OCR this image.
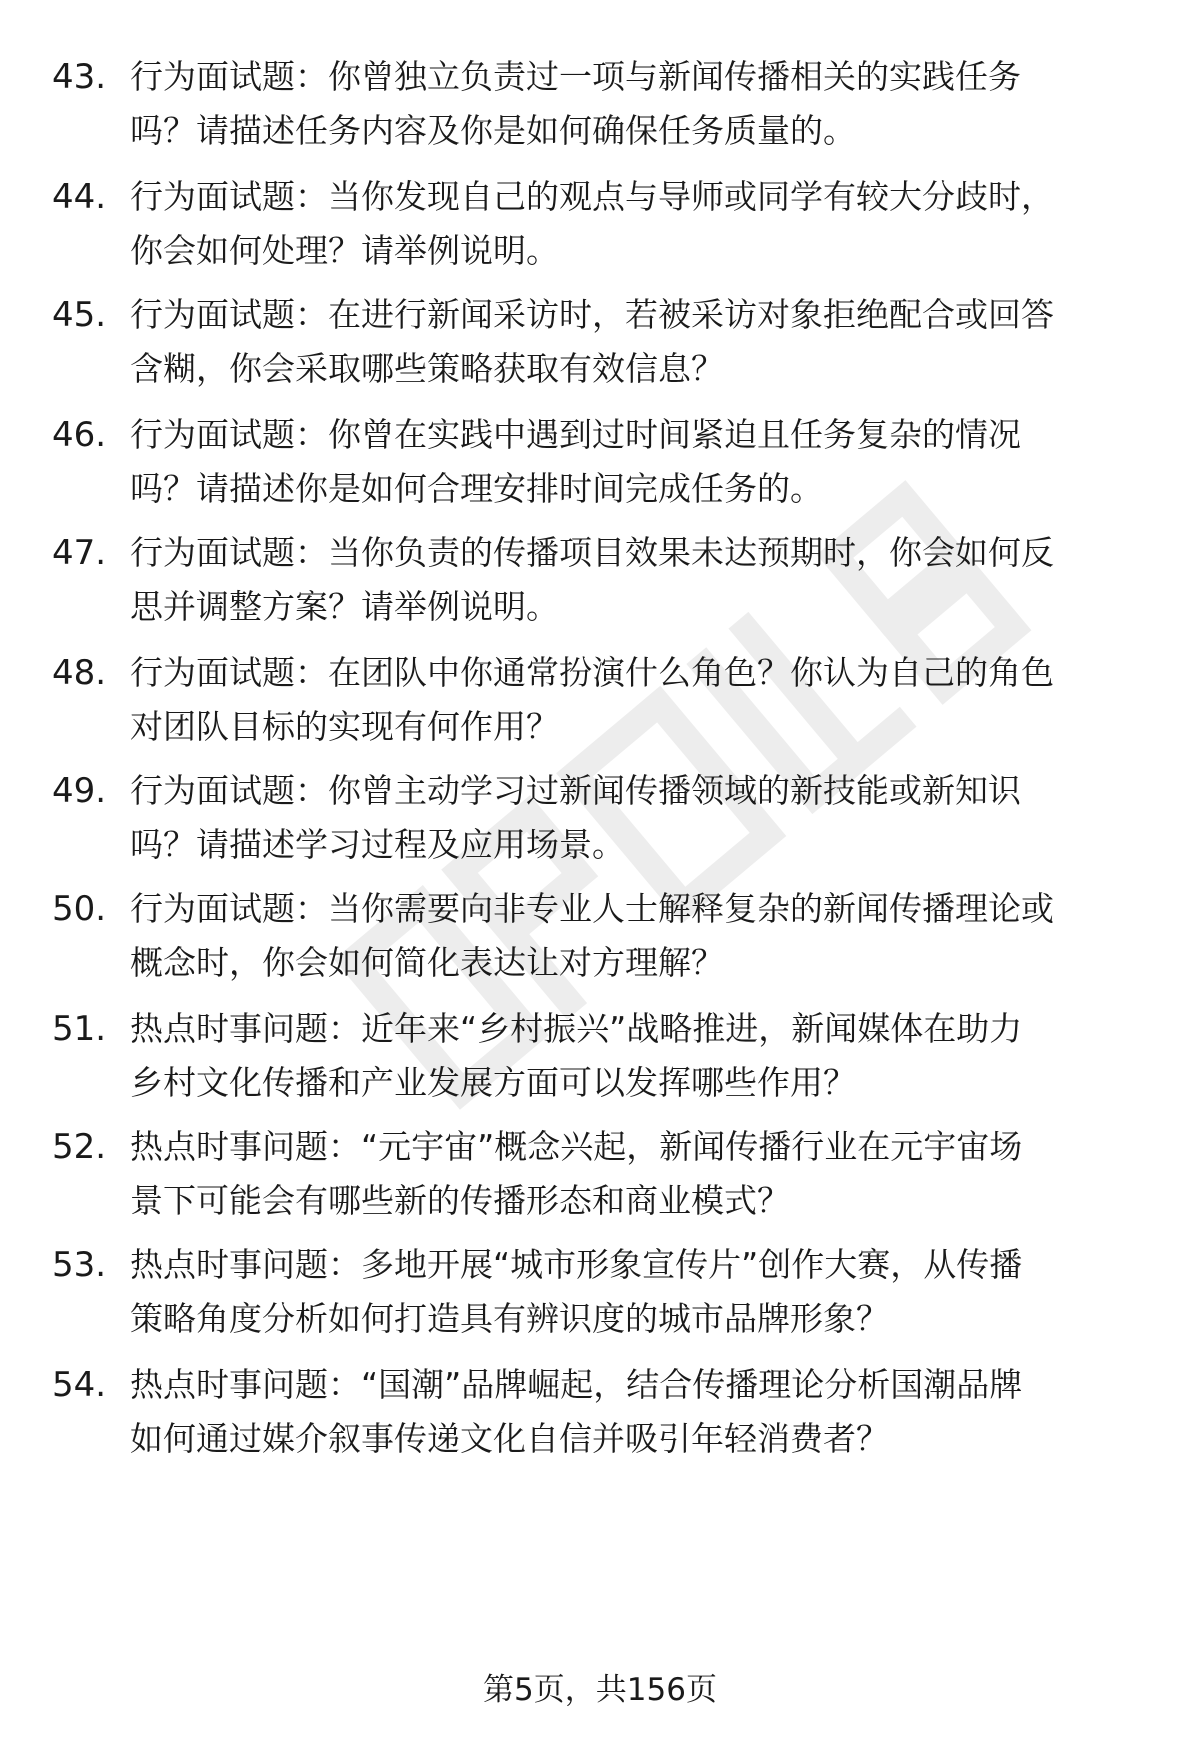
43. 行为面试题：你曾独立负责过一项与新闻传播相关的实践任务
吗？请描述任务内容及你是如何确保任务质量的。
44. 行为面试题：当你发现自己的观点与导师或同学有较大分歧时，
你会如何处理？请举例说明。
45. 行为面试题：在进行新闻采访时，若被采访对象拒绝配合或回答
含糊，你会采取哪些策略获取有效信息？
46. 行为面试题：你曾在实践中遇到过时间紧迫且任务复杂的情况
吗？请描述你是如何合理安排时间完成任务的。
47. 行为面试题：当你负责的传播项目效果未达预期时，你会如何反
思并调整方案？请举例说明。
48. 行为面试题：在团队中你通常扮演什么角色？你认为自己的角色
对团队目标的实现有何作用？
49. 行为面试题：你曾主动学习过新闻传播领域的新技能或新知识
吗？请描述学习过程及应用场景。
50. 行为面试题：当你需要向非专业人士解释复杂的新闻传播理论或
概念时，你会如何简化表达让对方理解？
51. 热点时事问题：近年来“乡村振兴”战略推进，新闻媒体在助力
乡村文化传播和产业发展方面可以发挥哪些作用？
52. 热点时事问题：“元宇宙”概念兴起，新闻传播行业在元宇宙场
景下可能会有哪些新的传播形态和商业模式？
53. 热点时事问题：多地开展“城市形象宣传片”创作大赛，从传播
策略角度分析如何打造具有辨识度的城市品牌形象？
54. 热点时事问题：“国潮”品牌崛起，结合传播理论分析国潮品牌
如何通过媒介叙事传递文化自信并吸引年轻消费者？
第5页，共156页
